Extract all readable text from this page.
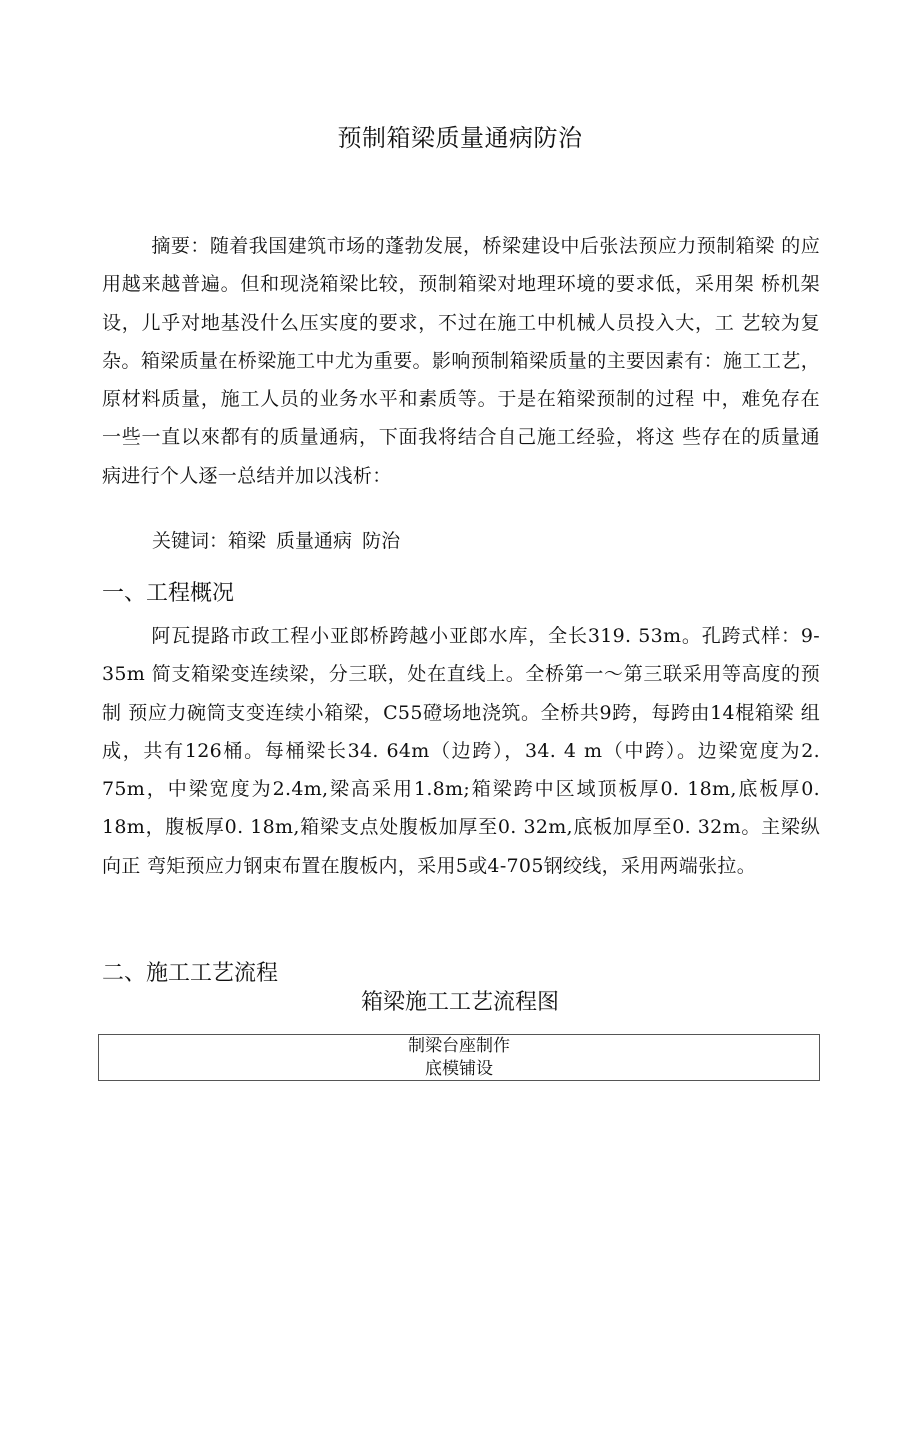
预制箱梁质量通病防治

摘要：随着我国建筑市场的蓬勃发展，桥梁建设中后张法预应力预制箱梁 的应用越来越普遍。但和现浇箱梁比较，预制箱梁对地理环境的要求低，采用架 桥机架设，儿乎对地基没什么压实度的要求，不过在施工中机械人员投入大，工 艺较为复杂。箱梁质量在桥梁施工中尤为重要。影响预制箱梁质量的主要因素有：施工工艺，原材料质量，施工人员的业务水平和素质等。于是在箱梁预制的过程 中，难免存在一些一直以來都有的质量通病，下面我将结合自己施工经验，将这 些存在的质量通病进行个人逐一总结并加以浅析：

关键词：箱梁 质量通病 防治
一、工程概况

阿瓦提路市政工程小亚郎桥跨越小亚郎水库，全长319. 53m。孔跨式样：9-35m 简支箱梁变连续梁，分三联，处在直线上。全桥第一〜第三联采用等高度的预制 预应力碗筒支变连续小箱梁，C55磴场地浇筑。全桥共9跨，每跨由14棍箱梁 组成，共有126桶。每桶梁长34. 64m（边跨），34. 4 m（中跨）。边梁宽度为2. 75m，中梁宽度为2.4m,梁高采用1.8m;箱梁跨中区域顶板厚0. 18m,底板厚0. 18m，腹板厚0. 18m,箱梁支点处腹板加厚至0. 32m,底板加厚至0. 32m。主梁纵向正 弯矩预应力钢束布置在腹板内，采用5或4-705钢绞线，采用两端张拉。

二、施工工艺流程
箱梁施工工艺流程图
制梁台座制作
底模铺设
